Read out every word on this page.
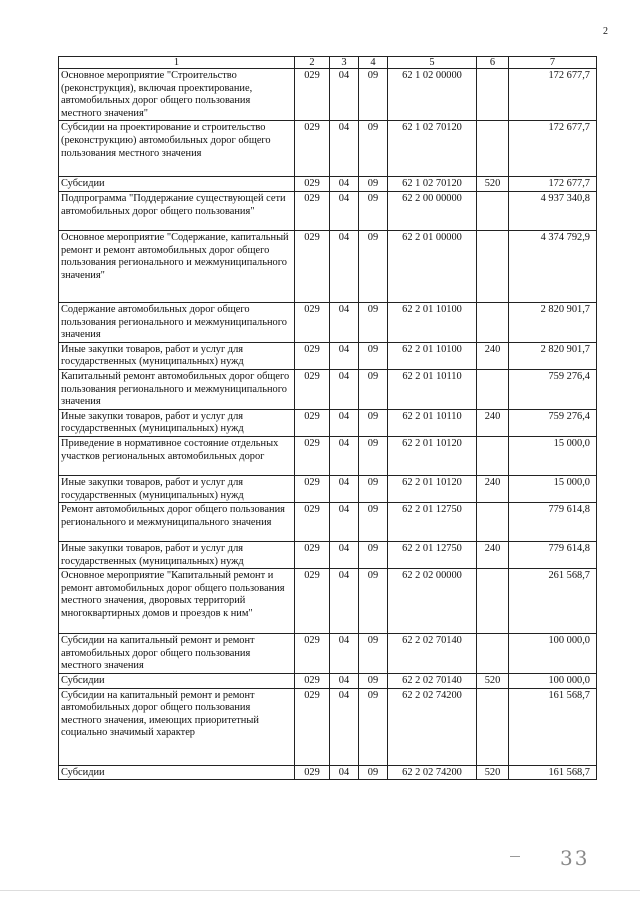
2
1	2	3	4	5	6	7
Основное мероприятие "Строительство (реконструкция), включая проектирование, автомобильных дорог общего пользования местного значения"	029	04	09	62 1 02 00000		172 677,7
Субсидии на проектирование и строительство (реконструкцию) автомобильных дорог общего пользования местного значения	029	04	09	62 1 02 70120		172 677,7
Субсидии	029	04	09	62 1 02 70120	520	172 677,7
Подпрограмма "Поддержание существующей сети автомобильных дорог общего пользования"	029	04	09	62 2 00 00000		4 937 340,8
Основное мероприятие "Содержание, капитальный ремонт и ремонт автомобильных дорог общего пользования регионального и межмуниципального значения"	029	04	09	62 2 01 00000		4 374 792,9
Содержание автомобильных дорог общего пользования регионального и межмуниципального значения	029	04	09	62 2 01 10100		2 820 901,7
Иные закупки товаров, работ и услуг для государственных (муниципальных) нужд	029	04	09	62 2 01 10100	240	2 820 901,7
Капитальный ремонт автомобильных дорог общего пользования регионального и межмуниципального значения	029	04	09	62 2 01 10110		759 276,4
Иные закупки товаров, работ и услуг для государственных (муниципальных) нужд	029	04	09	62 2 01 10110	240	759 276,4
Приведение в нормативное состояние отдельных участков региональных автомобильных дорог	029	04	09	62 2 01 10120		15 000,0
Иные закупки товаров, работ и услуг для государственных (муниципальных) нужд	029	04	09	62 2 01 10120	240	15 000,0
Ремонт автомобильных дорог общего пользования регионального и межмуниципального значения	029	04	09	62 2 01 12750		779 614,8
Иные закупки товаров, работ и услуг для государственных (муниципальных) нужд	029	04	09	62 2 01 12750	240	779 614,8
Основное мероприятие "Капитальный ремонт и ремонт автомобильных дорог общего пользования местного значения, дворовых территорий многоквартирных домов и проездов к ним"	029	04	09	62 2 02 00000		261 568,7
Субсидии на капитальный ремонт и ремонт автомобильных дорог общего пользования местного значения	029	04	09	62 2 02 70140		100 000,0
Субсидии	029	04	09	62 2 02 70140	520	100 000,0
Субсидии на капитальный ремонт и ремонт автомобильных дорог общего пользования местного значения, имеющих приоритетный социально значимый характер	029	04	09	62 2 02 74200		161 568,7
Субсидии	029	04	09	62 2 02 74200	520	161 568,7
33
